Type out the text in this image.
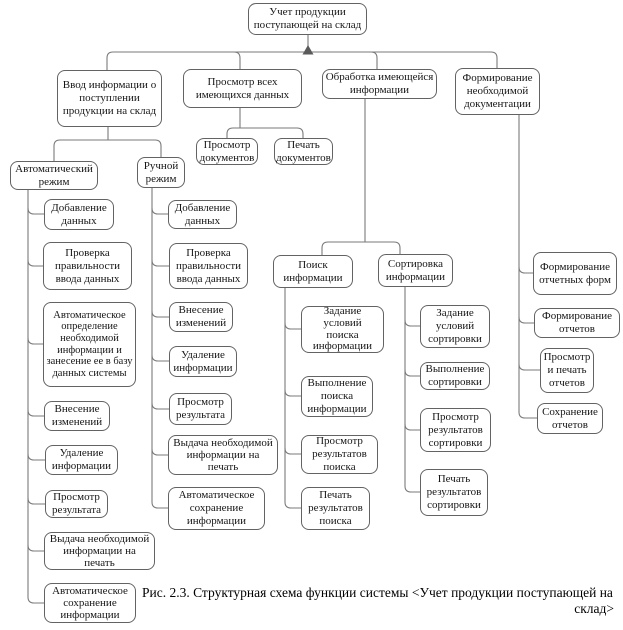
Учет продукции поступающей на склад
Ввод информации о поступлении продукции на склад
Просмотр всех имеющихся данных
Обработка имеющейся информации
Формирование необходимой документации
Автоматический режим
Ручной режим
Просмотр документов
Печать документов
Добавление данных
Проверка правильности ввода данных
Автоматическое определение необходимой информации и занесение ее в базу данных системы
Внесение изменений
Удаление информации
Просмотр результата
Выдача необходимой информации на печать
Автоматическое сохранение информации
Добавление данных
Проверка правильности ввода данных
Внесение изменений
Удаление информации
Просмотр результата
Выдача необходимой информации на печать
Автоматическое сохранение информации
Поиск информации
Сортировка информации
Задание условий поиска информации
Выполнение поиска информации
Просмотр результатов поиска
Печать результатов поиска
Задание условий сортировки
Выполнение сортировки
Просмотр результатов сортировки
Печать результатов сортировки
Формирование отчетных форм
Формирование отчетов
Просмотр и печать отчетов
Сохранение отчетов
Рис. 2.3. Структурная схема функции системы <Учет продукции поступающей на
склад>
